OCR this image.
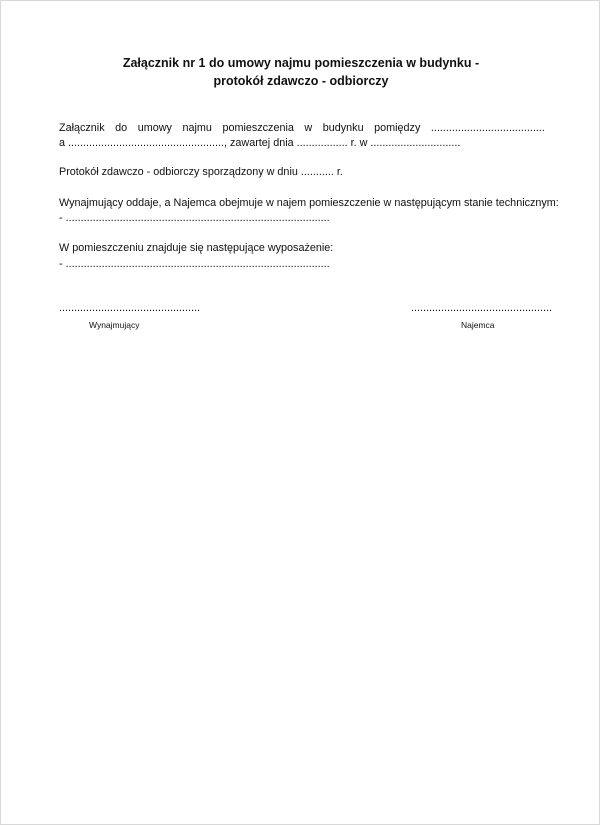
Załącznik nr 1 do umowy najmu pomieszczenia w budynku -
protokół zdawczo - odbiorczy
Załącznik do umowy najmu pomieszczenia w budynku pomiędzy ......................................
a ...................................................., zawartej dnia ................. r. w ..............................
Protokół zdawczo - odbiorczy sporządzony w dniu ........... r.
Wynajmujący oddaje, a Najemca obejmuje w najem pomieszczenie w następującym stanie technicznym:
- ........................................................................................
W pomieszczeniu znajduje się następujące wyposażenie:
- ........................................................................................
...............................................	...............................................
Wynajmujący	Najemca
